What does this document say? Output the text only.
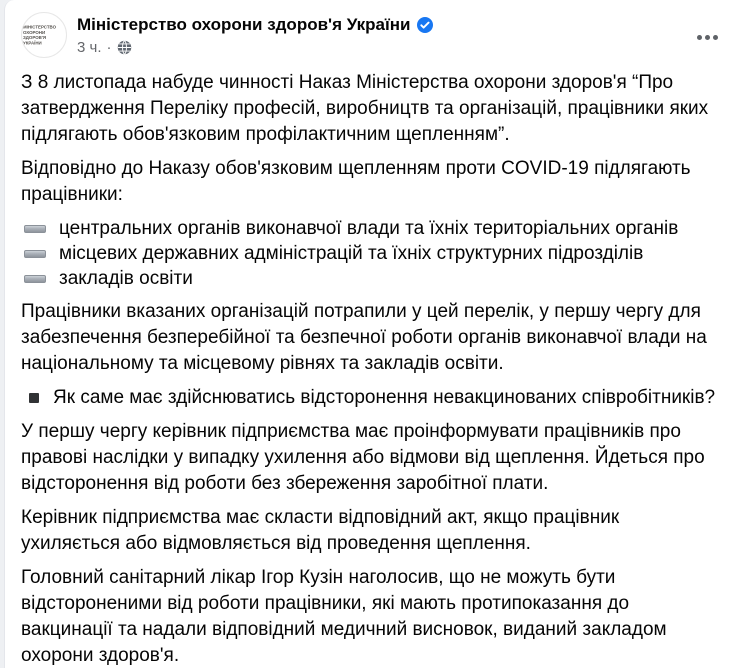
МІНІСТЕРСТВО
ОХОРОНИ
ЗДОРОВ'Я
УКРАЇНИ
Міністерство охорони здоров'я України
3 ч. ·

З 8 листопада набуде чинності Наказ Міністерства охорони здоров'я “Про затвердження Переліку професій, виробництв та організацій, працівники яких підлягають обов'язковим профілактичним щепленням”.

Відповідно до Наказу обов'язковим щепленням проти COVID-19 підлягають працівники:

центральних органів виконавчої влади та їхніх територіальних органів
місцевих державних адміністрацій та їхніх структурних підрозділів
закладів освіти

Працівники вказаних організацій потрапили у цей перелік, у першу чергу для забезпечення безперебійної та безпечної роботи органів виконавчої влади на національному та місцевому рівнях та закладів освіти.

Як саме має здійснюватись відсторонення невакцинованих співробітників?

У першу чергу керівник підприємства має проінформувати працівників про правові наслідки у випадку ухилення або відмови від щеплення. Йдеться про відсторонення від роботи без збереження заробітної плати.

Керівник підприємства має скласти відповідний акт, якщо працівник ухиляється або відмовляється від проведення щеплення.

Головний санітарний лікар Ігор Кузін наголосив, що не можуть бути відстороненими від роботи працівники, які мають протипоказання до вакцинації та надали відповідний медичний висновок, виданий закладом охорони здоров'я.
